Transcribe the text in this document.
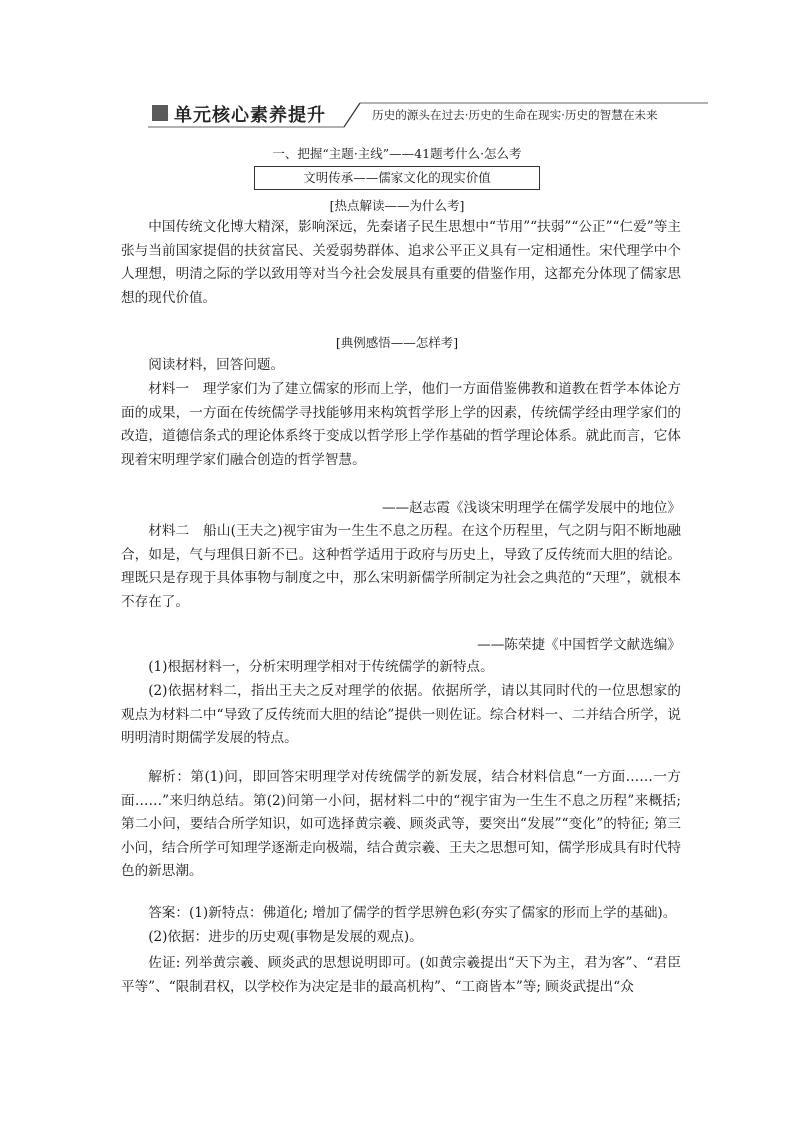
单元核心素养提升	历史的源头在过去·历史的生命在现实·历史的智慧在未来
一、把握“主题·主线”——41题考什么·怎么考
文明传承——儒家文化的现实价值
[热点解读——为什么考]

中国传统文化博大精深，影响深远，先秦诸子民生思想中“节用”“扶弱”“公正”“仁爱”等主张与当前国家提倡的扶贫富民、关爱弱势群体、追求公平正义具有一定相通性。宋代理学中个人理想，明清之际的学以致用等对当今社会发展具有重要的借鉴作用，这都充分体现了儒家思想的现代价值。

[典例感悟——怎样考]

阅读材料，回答问题。

材料一　理学家们为了建立儒家的形而上学，他们一方面借鉴佛教和道教在哲学本体论方面的成果，一方面在传统儒学寻找能够用来构筑哲学形上学的因素，传统儒学经由理学家们的改造，道德信条式的理论体系终于变成以哲学形上学作基础的哲学理论体系。就此而言，它体现着宋明理学家们融合创造的哲学智慧。

——赵志霞《浅谈宋明理学在儒学发展中的地位》

材料二　船山(王夫之)视宇宙为一生生不息之历程。在这个历程里，气之阴与阳不断地融合，如是，气与理俱日新不已。这种哲学适用于政府与历史上，导致了反传统而大胆的结论。理既只是存现于具体事物与制度之中，那么宋明新儒学所制定为社会之典范的“天理”，就根本不存在了。

——陈荣捷《中国哲学文献选编》

(1)根据材料一，分析宋明理学相对于传统儒学的新特点。

(2)依据材料二，指出王夫之反对理学的依据。依据所学，请以其同时代的一位思想家的观点为材料二中“导致了反传统而大胆的结论”提供一则佐证。综合材料一、二并结合所学，说明明清时期儒学发展的特点。

解析：第(1)问，即回答宋明理学对传统儒学的新发展，结合材料信息“一方面……一方面……”来归纳总结。第(2)问第一小问，据材料二中的“视宇宙为一生生不息之历程”来概括; 第二小问，要结合所学知识，如可选择黄宗羲、顾炎武等，要突出“发展”“变化”的特征; 第三小问，结合所学可知理学逐渐走向极端，结合黄宗羲、王夫之思想可知，儒学形成具有时代特色的新思潮。

答案：(1)新特点：佛道化; 增加了儒学的哲学思辨色彩(夯实了儒家的形而上学的基础)。

(2)依据：进步的历史观(事物是发展的观点)。

佐证: 列举黄宗羲、顾炎武的思想说明即可。(如黄宗羲提出“天下为主，君为客”、“君臣平等”、“限制君权，以学校作为决定是非的最高机构”、“工商皆本”等; 顾炎武提出“众
